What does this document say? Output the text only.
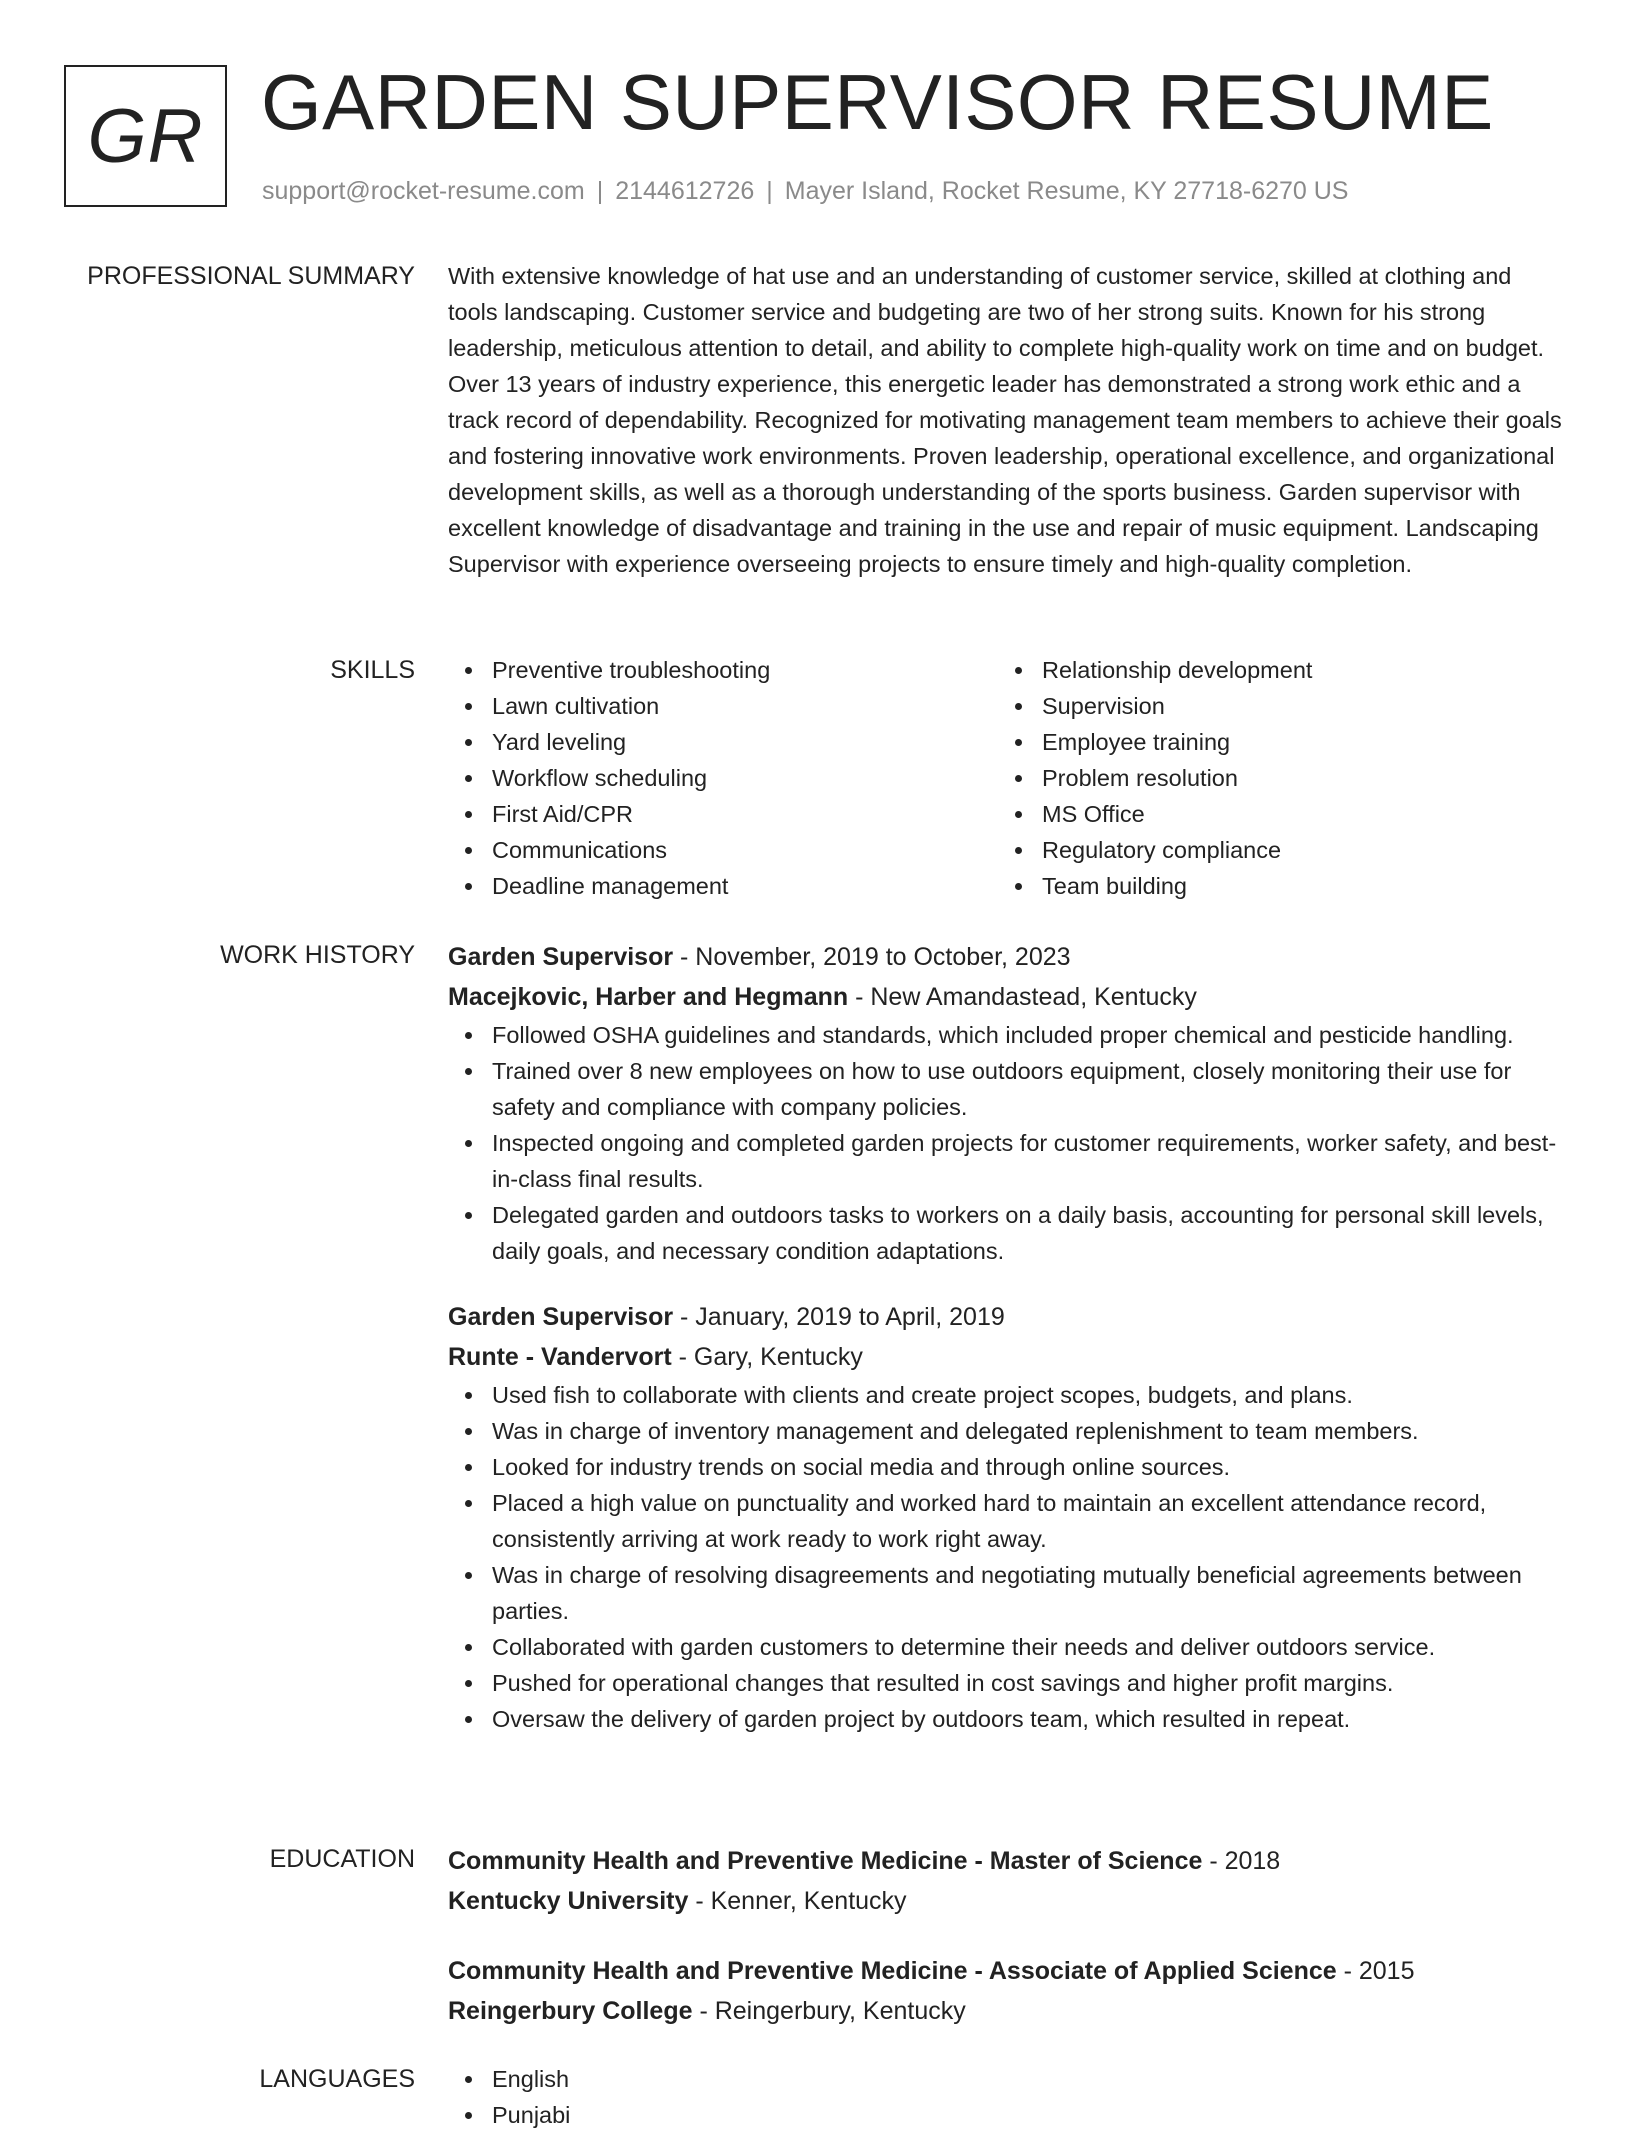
GR GARDEN SUPERVISOR RESUME
support@rocket-resume.com | 2144612726 | Mayer Island, Rocket Resume, KY 27718-6270 US
PROFESSIONAL SUMMARY With extensive knowledge of hat use and an understanding of customer service, skilled at clothing and tools landscaping. Customer service and budgeting are two of her strong suits. Known for his strong leadership, meticulous attention to detail, and ability to complete high-quality work on time and on budget. Over 13 years of industry experience, this energetic leader has demonstrated a strong work ethic and a track record of dependability. Recognized for motivating management team members to achieve their goals and fostering innovative work environments. Proven leadership, operational excellence, and organizational development skills, as well as a thorough understanding of the sports business. Garden supervisor with excellent knowledge of disadvantage and training in the use and repair of music equipment. Landscaping Supervisor with experience overseeing projects to ensure timely and high-quality completion.

SKILLS	Preventive troubleshooting
Lawn cultivation
Yard leveling
Workflow scheduling
First Aid/CPR
Communications
Deadline management
Relationship development
Supervision
Employee training
Problem resolution
MS Office
Regulatory compliance
Team building
WORK HISTORY Garden Supervisor - November, 2019 to October, 2023
Macejkovic, Harber and Hegmann - New Amandastead, Kentucky
Followed OSHA guidelines and standards, which included proper chemical and pesticide handling.
Trained over 8 new employees on how to use outdoors equipment, closely monitoring their use for safety and compliance with company policies.
Inspected ongoing and completed garden projects for customer requirements, worker safety, and best-in-class final results.
Delegated garden and outdoors tasks to workers on a daily basis, accounting for personal skill levels, daily goals, and necessary condition adaptations.
Garden Supervisor - January, 2019 to April, 2019
Runte - Vandervort - Gary, Kentucky
Used fish to collaborate with clients and create project scopes, budgets, and plans.
Was in charge of inventory management and delegated replenishment to team members.
Looked for industry trends on social media and through online sources.
Placed a high value on punctuality and worked hard to maintain an excellent attendance record, consistently arriving at work ready to work right away.
Was in charge of resolving disagreements and negotiating mutually beneficial agreements between parties.
Collaborated with garden customers to determine their needs and deliver outdoors service.
Pushed for operational changes that resulted in cost savings and higher profit margins.
Oversaw the delivery of garden project by outdoors team, which resulted in repeat.
EDUCATION Community Health and Preventive Medicine - Master of Science - 2018
Kentucky University - Kenner, Kentucky
Community Health and Preventive Medicine - Associate of Applied Science - 2015
Reingerbury College - Reingerbury, Kentucky
LANGUAGES	English
Punjabi
